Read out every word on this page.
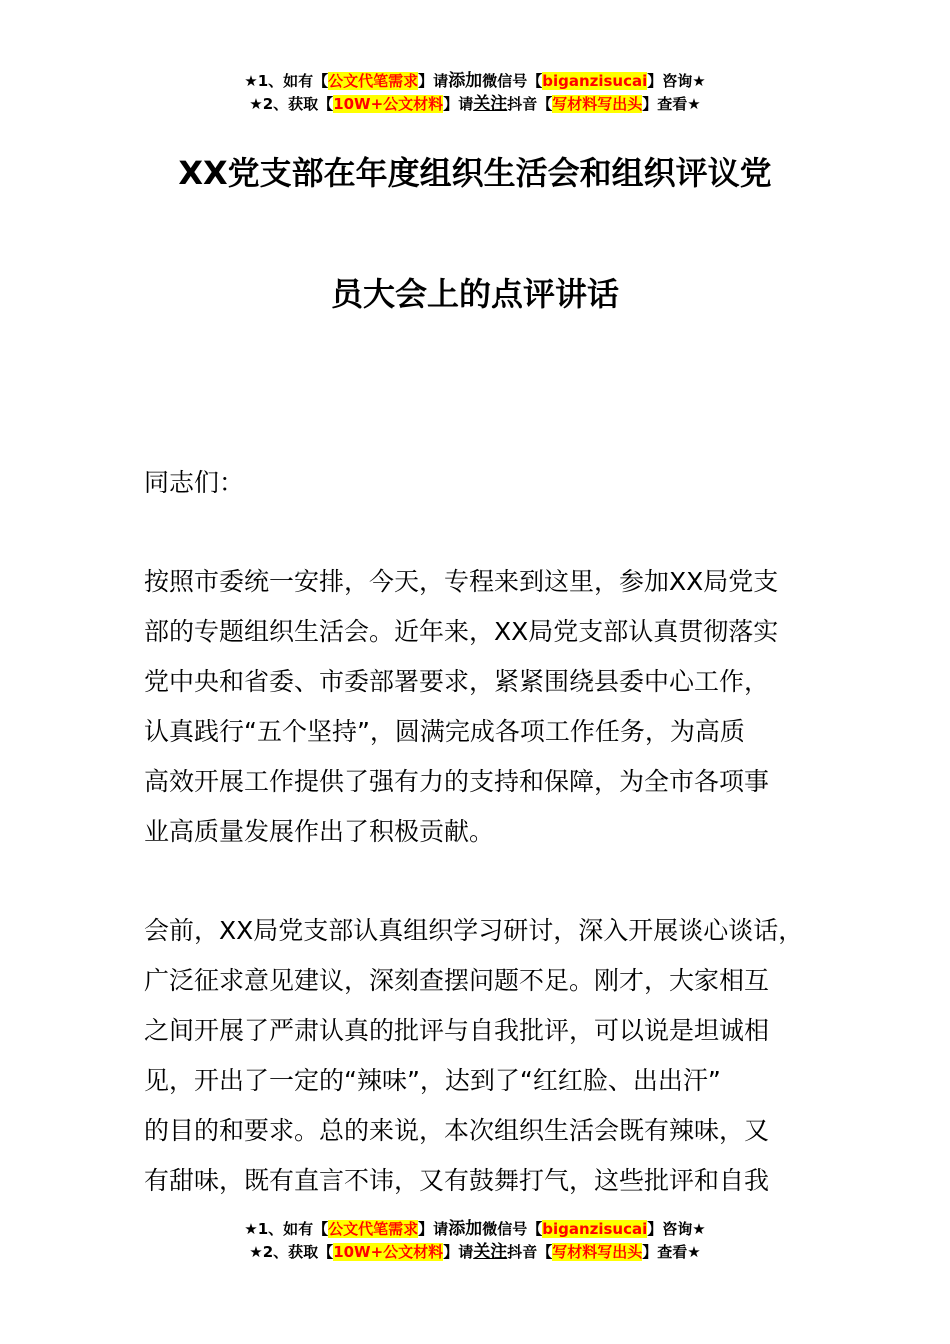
★1、如有【公文代笔需求】请添加微信号【biganzisucai】咨询★
★2、获取【10W+公文材料】请关注抖音【写材料写出头】查看★
XX党支部在年度组织生活会和组织评议党
员大会上的点评讲话
同志们：
按照市委统一安排，今天，专程来到这里，参加XX局党支
部的专题组织生活会。近年来，XX局党支部认真贯彻落实
党中央和省委、市委部署要求，紧紧围绕县委中心工作，
认真践行“五个坚持”，圆满完成各项工作任务，为高质
高效开展工作提供了强有力的支持和保障，为全市各项事
业高质量发展作出了积极贡献。
会前，XX局党支部认真组织学习研讨，深入开展谈心谈话，
广泛征求意见建议，深刻查摆问题不足。刚才，大家相互
之间开展了严肃认真的批评与自我批评，可以说是坦诚相
见，开出了一定的“辣味”，达到了“红红脸、出出汗”
的目的和要求。总的来说，本次组织生活会既有辣味，又
有甜味，既有直言不讳，又有鼓舞打气，这些批评和自我
★1、如有【公文代笔需求】请添加微信号【biganzisucai】咨询★
★2、获取【10W+公文材料】请关注抖音【写材料写出头】查看★
